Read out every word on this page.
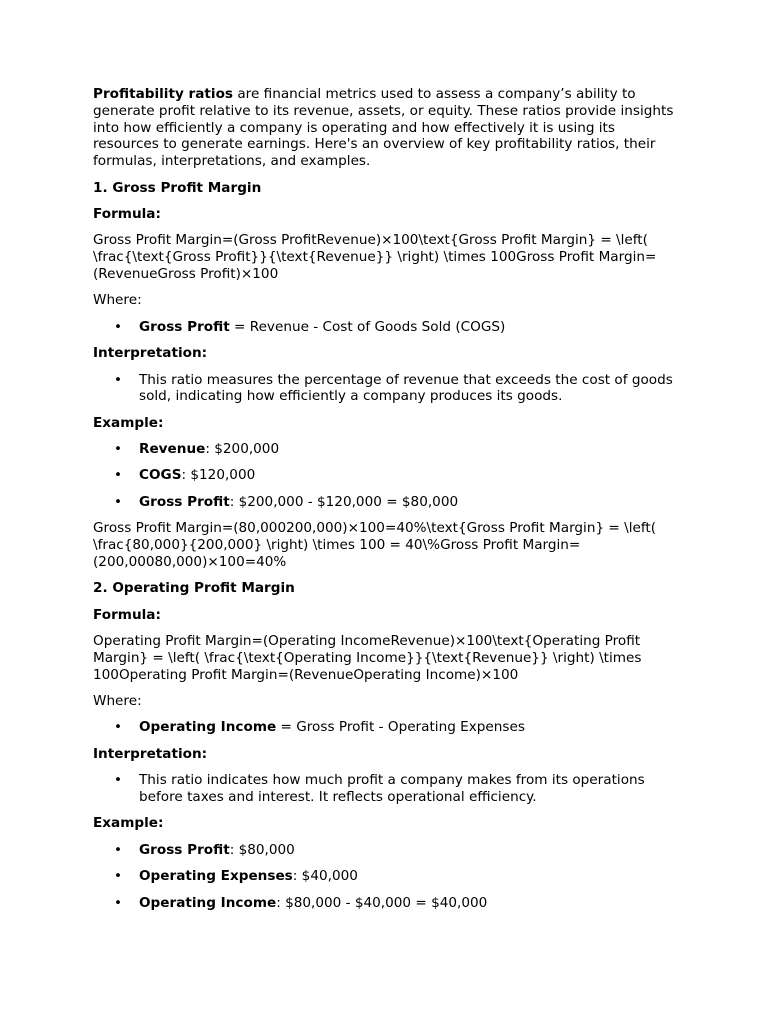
Profitability ratios are financial metrics used to assess a company’s ability to generate profit relative to its revenue, assets, or equity. These ratios provide insights into how efficiently a company is operating and how effectively it is using its resources to generate earnings. Here's an overview of key profitability ratios, their formulas, interpretations, and examples.

1. Gross Profit Margin
Formula:

Gross Profit Margin=(Gross ProfitRevenue)×100\text{Gross Profit Margin} = \left( \frac{\text{Gross Profit}}{\text{Revenue}} \right) \times 100Gross Profit Margin=(RevenueGross Profit)×100

Where:

• Gross Profit = Revenue - Cost of Goods Sold (COGS)
Interpretation:
• This ratio measures the percentage of revenue that exceeds the cost of goods sold, indicating how efficiently a company produces its goods.
Example:
• Revenue: $200,000
• COGS: $120,000
• Gross Profit: $200,000 - $120,000 = $80,000

Gross Profit Margin=(80,000200,000)×100=40%\text{Gross Profit Margin} = \left( \frac{80,000}{200,000} \right) \times 100 = 40\%Gross Profit Margin=(200,00080,000)×100=40%

2. Operating Profit Margin
Formula:

Operating Profit Margin=(Operating IncomeRevenue)×100\text{Operating Profit Margin} = \left( \frac{\text{Operating Income}}{\text{Revenue}} \right) \times 100Operating Profit Margin=(RevenueOperating Income)×100

Where:

• Operating Income = Gross Profit - Operating Expenses
Interpretation:
• This ratio indicates how much profit a company makes from its operations before taxes and interest. It reflects operational efficiency.
Example:
• Gross Profit: $80,000
• Operating Expenses: $40,000
• Operating Income: $80,000 - $40,000 = $40,000
